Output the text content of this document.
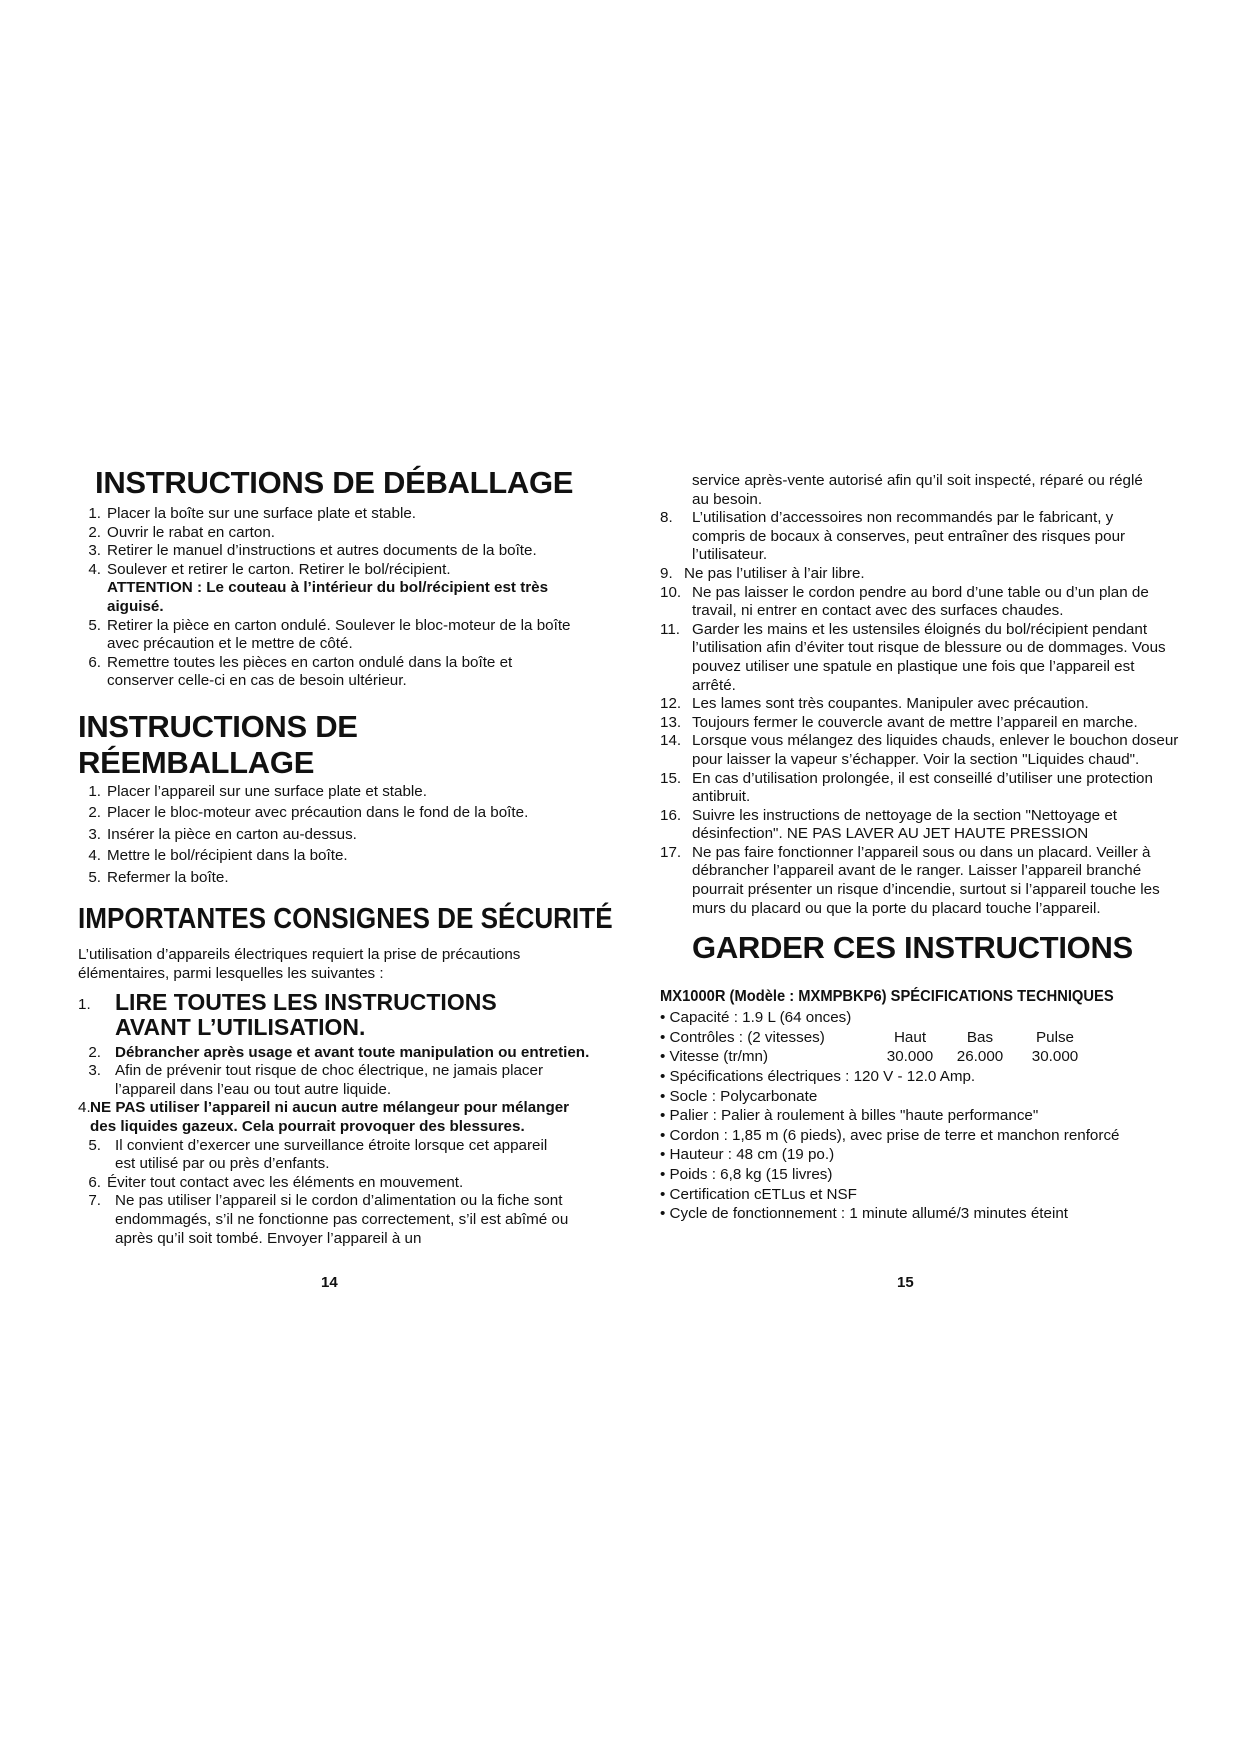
INSTRUCTIONS DE DÉBALLAGE
1. Placer la boîte sur une surface plate et stable.
2. Ouvrir le rabat en carton.
3. Retirer le manuel d’instructions et autres documents de la boîte.
4. Soulever et retirer le carton. Retirer le bol/récipient.
ATTENTION : Le couteau à l’intérieur du bol/récipient est très aiguisé.
5. Retirer la pièce en carton ondulé. Soulever le bloc-moteur de la boîte avec précaution et le mettre de côté.
6. Remettre toutes les pièces en carton ondulé dans la boîte et conserver celle-ci en cas de besoin ultérieur.
INSTRUCTIONS DE RÉEMBALLAGE
1. Placer l’appareil sur une surface plate et stable.
2. Placer le bloc-moteur avec précaution dans le fond de la boîte.
3. Insérer la pièce en carton au-dessus.
4. Mettre le bol/récipient dans la boîte.
5. Refermer la boîte.
IMPORTANTES CONSIGNES DE SÉCURITÉ
L’utilisation d’appareils électriques requiert la prise de précautions élémentaires, parmi lesquelles les suivantes :
1.	LIRE TOUTES LES INSTRUCTIONS AVANT L’UTILISATION.
2. Débrancher après usage et avant toute manipulation ou entretien.
3. Afin de prévenir tout risque de choc électrique, ne jamais placer l’appareil dans l’eau ou tout autre liquide.
4. NE PAS utiliser l’appareil ni aucun autre mélangeur pour mélanger des liquides gazeux. Cela pourrait provoquer des blessures.
5. Il convient d’exercer une surveillance étroite lorsque cet appareil est utilisé par ou près d’enfants.
6. Éviter tout contact avec les éléments en mouvement.
7. Ne pas utiliser l’appareil si le cordon d’alimentation ou la fiche sont endommagés, s’il ne fonctionne pas correctement, s’il est abîmé ou après qu’il soit tombé. Envoyer l’appareil à un
14
service après-vente autorisé afin qu’il soit inspecté, réparé ou réglé au besoin.
8.	L’utilisation d’accessoires non recommandés par le fabricant, y compris de bocaux à conserves, peut entraîner des risques pour l’utilisateur.
9. Ne pas l’utiliser à l’air libre.
10. Ne pas laisser le cordon pendre au bord d’une table ou d’un plan de travail, ni entrer en contact avec des surfaces chaudes.
11. Garder les mains et les ustensiles éloignés du bol/récipient pendant l’utilisation afin d’éviter tout risque de blessure ou de dommages. Vous pouvez utiliser une spatule en plastique une fois que l’appareil est arrêté.
12. Les lames sont très coupantes. Manipuler avec précaution.
13. Toujours fermer le couvercle avant de mettre l’appareil en marche.
14. Lorsque vous mélangez des liquides chauds, enlever le bouchon doseur pour laisser la vapeur s’échapper. Voir la section "Liquides chaud".
15. En cas d’utilisation prolongée, il est conseillé d’utiliser une protection antibruit.
16. Suivre les instructions de nettoyage de la section "Nettoyage et désinfection". NE PAS LAVER AU JET HAUTE PRESSION
17. Ne pas faire fonctionner l’appareil sous ou dans un placard. Veiller à débrancher l’appareil avant de le ranger. Laisser l’appareil branché pourrait présenter un risque d’incendie, surtout si l’appareil touche les murs du placard ou que la porte du placard touche l’appareil.
GARDER CES INSTRUCTIONS
MX1000R (Modèle : MXMPBKP6) SPÉCIFICATIONS TECHNIQUES
• Capacité : 1.9 L (64 onces)				
• Contrôles : (2 vitesses)	Haut	Bas	Pulse	
• Vitesse (tr/mn)	30.000	26.000	30.000	
• Spécifications électriques : 120 V - 12.0 Amp.
• Socle : Polycarbonate
• Palier : Palier à roulement à billes "haute performance"
• Cordon : 1,85 m (6 pieds), avec prise de terre et manchon renforcé
• Hauteur : 48 cm (19 po.)
• Poids : 6,8 kg (15 livres)
• Certification cETLus et NSF
• Cycle de fonctionnement : 1 minute allumé/3 minutes éteint
15
